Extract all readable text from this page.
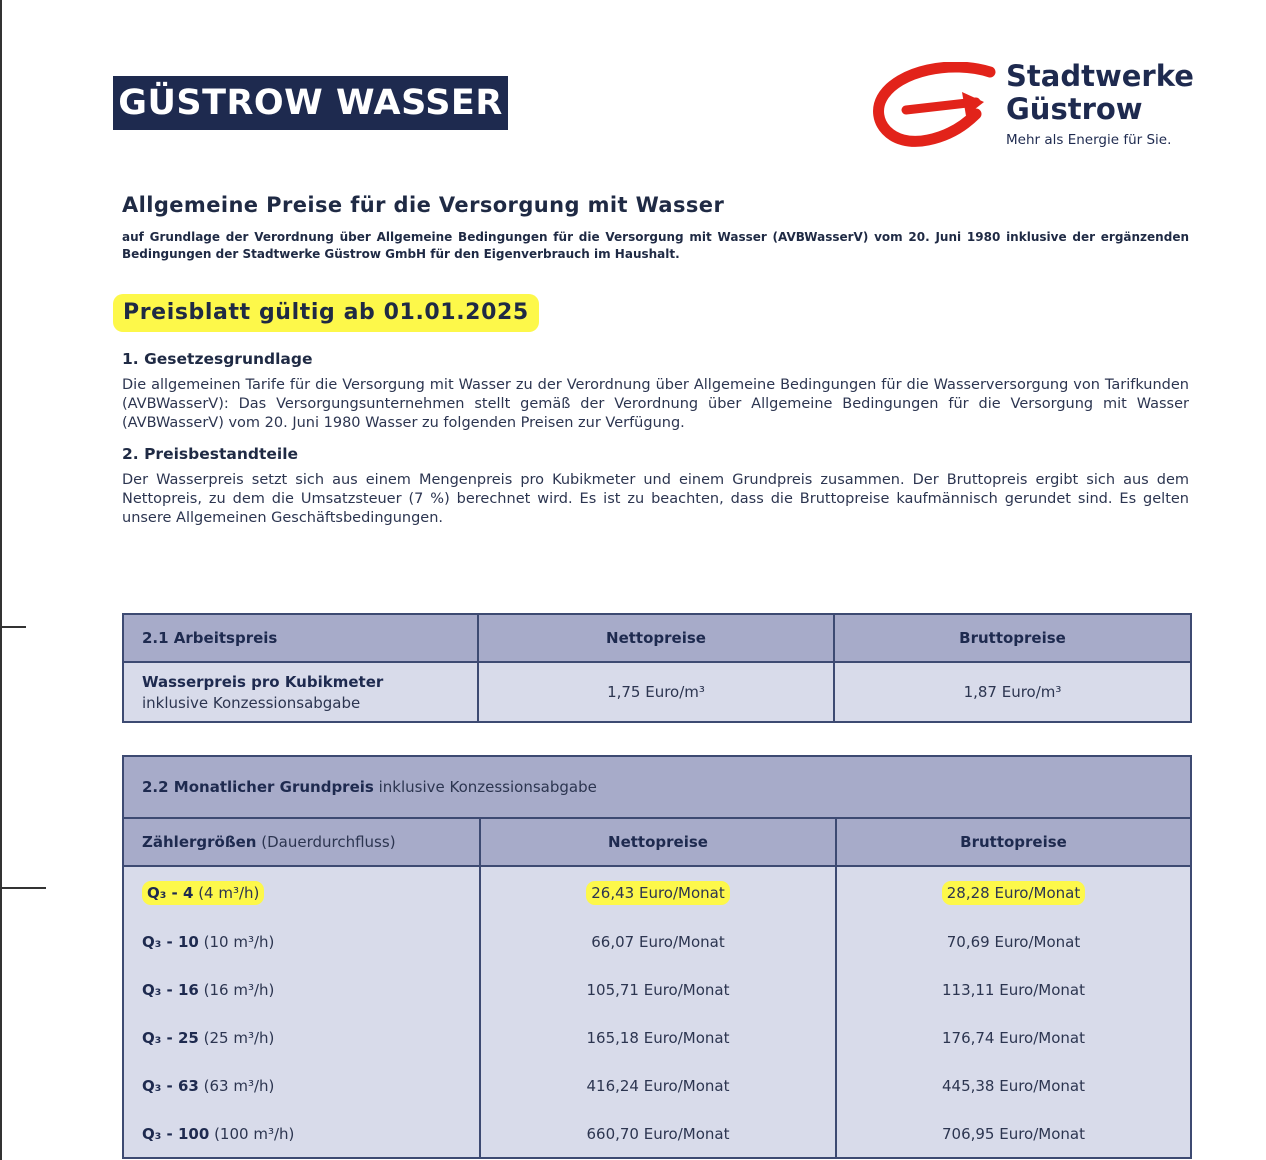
GÜSTROW WASSER
Stadtwerke
Güstrow
Mehr als Energie für Sie.
Allgemeine Preise für die Versorgung mit Wasser
auf Grundlage der Verordnung über Allgemeine Bedingungen für die Versorgung mit Wasser (AVBWasserV) vom 20. Juni 1980 inklusive der ergänzenden Bedingungen der Stadtwerke Güstrow GmbH für den Eigenverbrauch im Haushalt.
Preisblatt gültig ab 01.01.2025
1. Gesetzesgrundlage
Die allgemeinen Tarife für die Versorgung mit Wasser zu der Verordnung über Allgemeine Bedingungen für die Wasserversorgung von Tarifkunden (AVBWasserV): Das Versorgungsunternehmen stellt gemäß der Verordnung über Allgemeine Bedingungen für die Versorgung mit Wasser (AVBWasserV) vom 20. Juni 1980 Wasser zu folgenden Preisen zur Verfügung.
2. Preisbestandteile
Der Wasserpreis setzt sich aus einem Mengenpreis pro Kubikmeter und einem Grundpreis zusammen. Der Bruttopreis ergibt sich aus dem Nettopreis, zu dem die Umsatzsteuer (7 %) berechnet wird. Es ist zu beachten, dass die Bruttopreise kaufmännisch gerundet sind. Es gelten unsere Allgemeinen Geschäftsbedingungen.
2.1 Arbeitspreis	Nettopreise	Bruttopreise

Wasserpreis pro Kubikmeter
inklusive Konzessionsabgabe	1,75 Euro/m³	1,87 Euro/m³
2.2 Monatlicher Grundpreis inklusive Konzessionsabgabe		
Zählergrößen (Dauerdurchfluss)	Nettopreise	Bruttopreise
Q₃ - 4 (4 m³/h)	26,43 Euro/Monat	28,28 Euro/Monat
Q₃ - 10 (10 m³/h)	66,07 Euro/Monat	70,69 Euro/Monat
Q₃ - 16 (16 m³/h)	105,71 Euro/Monat	113,11 Euro/Monat
Q₃ - 25 (25 m³/h)	165,18 Euro/Monat	176,74 Euro/Monat
Q₃ - 63 (63 m³/h)	416,24 Euro/Monat	445,38 Euro/Monat
Q₃ - 100 (100 m³/h)	660,70 Euro/Monat	706,95 Euro/Monat
